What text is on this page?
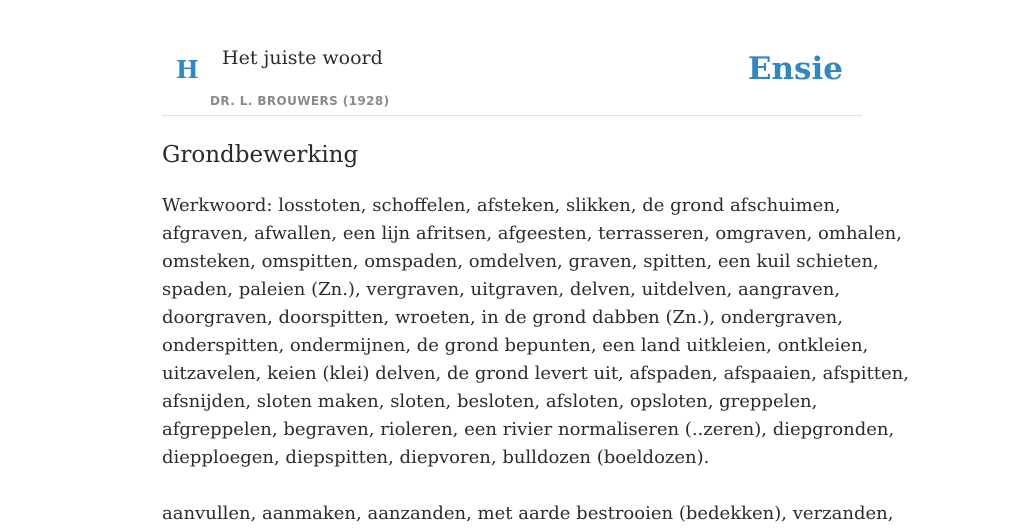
H Het juiste woord
DR. L. BROUWERS (1928)
Ensie
Grondbewerking
Werkwoord: losstoten, schoffelen, afsteken, slikken, de grond afschuimen,
afgraven, afwallen, een lijn afritsen, afgeesten, terrasseren, omgraven, omhalen,
omsteken, omspitten, omspaden, omdelven, graven, spitten, een kuil schieten,
spaden, paleien (Zn.), vergraven, uitgraven, delven, uitdelven, aangraven,
doorgraven, doorspitten, wroeten, in de grond dabben (Zn.), ondergraven,
onderspitten, ondermijnen, de grond bepunten, een land uitkleien, ontkleien,
uitzavelen, keien (klei) delven, de grond levert uit, afspaden, afspaaien, afspitten,
afsnijden, sloten maken, sloten, besloten, afsloten, opsloten, greppelen,
afgreppelen, begraven, rioleren, een rivier normaliseren (..zeren), diepgronden,
diepploegen, diepspitten, diepvoren, bulldozen (boeldozen).
aanvullen, aanmaken, aanzanden, met aarde bestrooien (bedekken), verzanden,
